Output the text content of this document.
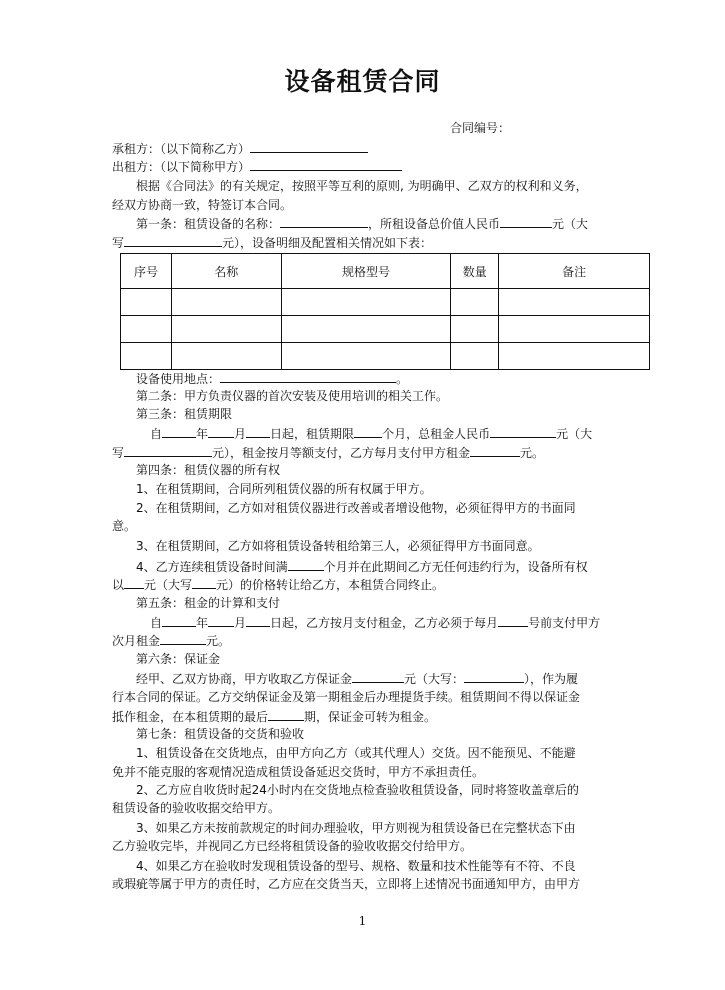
设备租赁合同
合同编号：
承租方：（以下简称乙方）
出租方：（以下简称甲方）
根据《合同法》的有关规定，按照平等互利的原则, 为明确甲、乙双方的权利和义务，
经双方协商一致，特签订本合同。
第一条：租赁设备的名称：	，所租设备总价值人民币	元（大
写	元），设备明细及配置相关情况如下表：
序号	名称	规格型号	数量	备注

设备使用地点：	。
第二条：甲方负责仪器的首次安装及使用培训的相关工作。
第三条：租赁期限
自	年 月 日起，租赁期限 个月，总租金人民币	元（大
写	元），租金按月等额支付，乙方每月支付甲方租金	元。
第四条：租赁仪器的所有权
1、在租赁期间，合同所列租赁仪器的所有权属于甲方。
2、在租赁期间，乙方如对租赁仪器进行改善或者增设他物，必须征得甲方的书面同
意。
3、在租赁期间，乙方如将租赁设备转租给第三人，必须征得甲方书面同意。
4、乙方连续租赁设备时间满	个月并在此期间乙方无任何违约行为，设备所有权
以 元（大写 元）的价格转让给乙方，本租赁合同终止。
第五条：租金的计算和支付
自	年 月 日起，乙方按月支付租金，乙方必须于每月	号前支付甲方
次月租金	元。
第六条：保证金
经甲、乙双方协商，甲方收取乙方保证金	元（大写：	），作为履
行本合同的保证。乙方交纳保证金及第一期租金后办理提货手续。租赁期间不得以保证金
抵作租金，在本租赁期的最后	期，保证金可转为租金。
第七条：租赁设备的交货和验收
1、租赁设备在交货地点，由甲方向乙方（或其代理人）交货。因不能预见、不能避
免并不能克服的客观情况造成租赁设备延迟交货时，甲方不承担责任。
2、乙方应自收货时起24小时内在交货地点检查验收租赁设备，同时将签收盖章后的
租赁设备的验收收据交给甲方。
3、如果乙方未按前款规定的时间办理验收，甲方则视为租赁设备已在完整状态下由
乙方验收完毕，并视同乙方已经将租赁设备的验收收据交付给甲方。
4、如果乙方在验收时发现租赁设备的型号、规格、数量和技术性能等有不符、不良
或瑕疵等属于甲方的责任时，乙方应在交货当天，立即将上述情况书面通知甲方，由甲方
1
